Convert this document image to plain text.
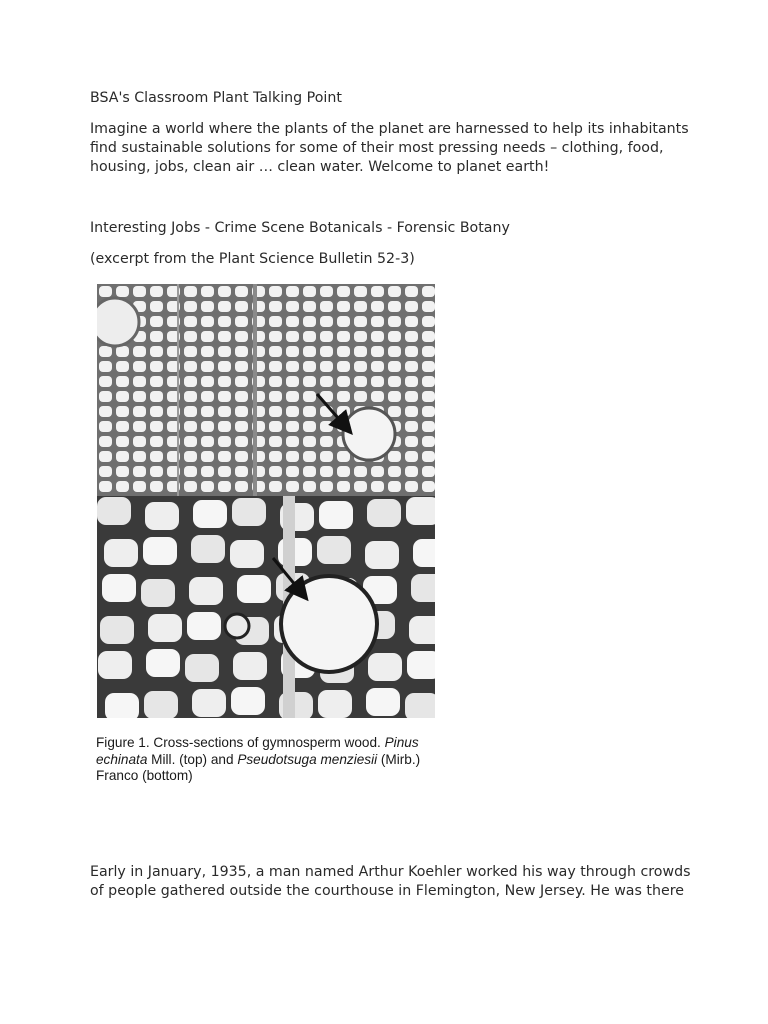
BSA's Classroom Plant Talking Point

Imagine a world where the plants of the planet are harnessed to help its inhabitants

find sustainable solutions for some of their most pressing needs – clothing, food,

housing, jobs, clean air … clean water. Welcome to planet earth!

Interesting Jobs - Crime Scene Botanicals - Forensic Botany

(excerpt from the Plant Science Bulletin 52-3)

Figure 1. Cross-sections of gymnosperm wood. Pinus
echinata Mill. (top) and Pseudotsuga menziesii (Mirb.)
Franco (bottom)

Early in January, 1935, a man named Arthur Koehler worked his way through crowds

of people gathered outside the courthouse in Flemington, New Jersey. He was there
